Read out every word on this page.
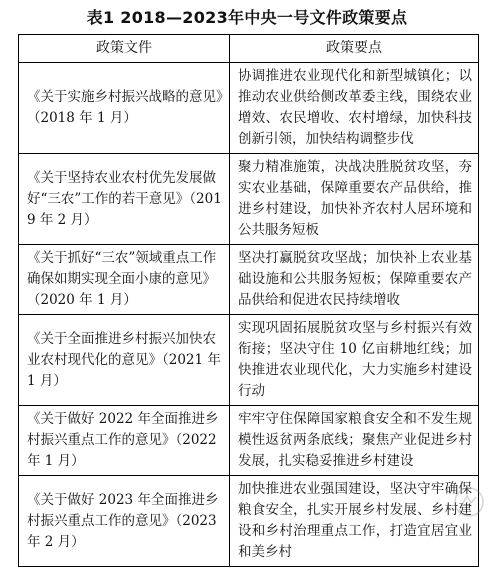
表1 2018—2023年中央一号文件政策要点
政策文件	政策要点
《关于实施乡村振兴战略的意见》（2018 年 1 月）	协调推进农业现代化和新型城镇化；以推动农业供给侧改革委主线，围绕农业增效、农民增收、农村增绿，加快科技创新引领，加快结构调整步伐
《关于坚持农业农村优先发展做好“三农”工作的若干意见》（2019 年 2 月）	聚力精准施策，决战决胜脱贫攻坚，夯实农业基础，保障重要农产品供给，推进乡村建设，加快补齐农村人居环境和公共服务短板
《关于抓好“三农”领域重点工作确保如期实现全面小康的意见》（2020 年 1 月）	坚决打赢脱贫攻坚战；加快补上农业基础设施和公共服务短板；保障重要农产品供给和促进农民持续增收
《关于全面推进乡村振兴加快农业农村现代化的意见》（2021 年 1 月）	实现巩固拓展脱贫攻坚与乡村振兴有效衔接；坚决守住 10 亿亩耕地红线；加快推进农业现代化，大力实施乡村建设行动
《关于做好 2022 年全面推进乡村振兴重点工作的意见》（2022 年 1 月）	牢牢守住保障国家粮食安全和不发生规模性返贫两条底线；聚焦产业促进乡村发展，扎实稳妥推进乡村建设
《关于做好 2023 年全面推进乡村振兴重点工作的意见》（2023 年 2 月）	加快推进农业强国建设，坚决守牢确保粮食安全，扎实开展乡村发展、乡村建设和乡村治理重点工作，打造宜居宜业和美乡村
